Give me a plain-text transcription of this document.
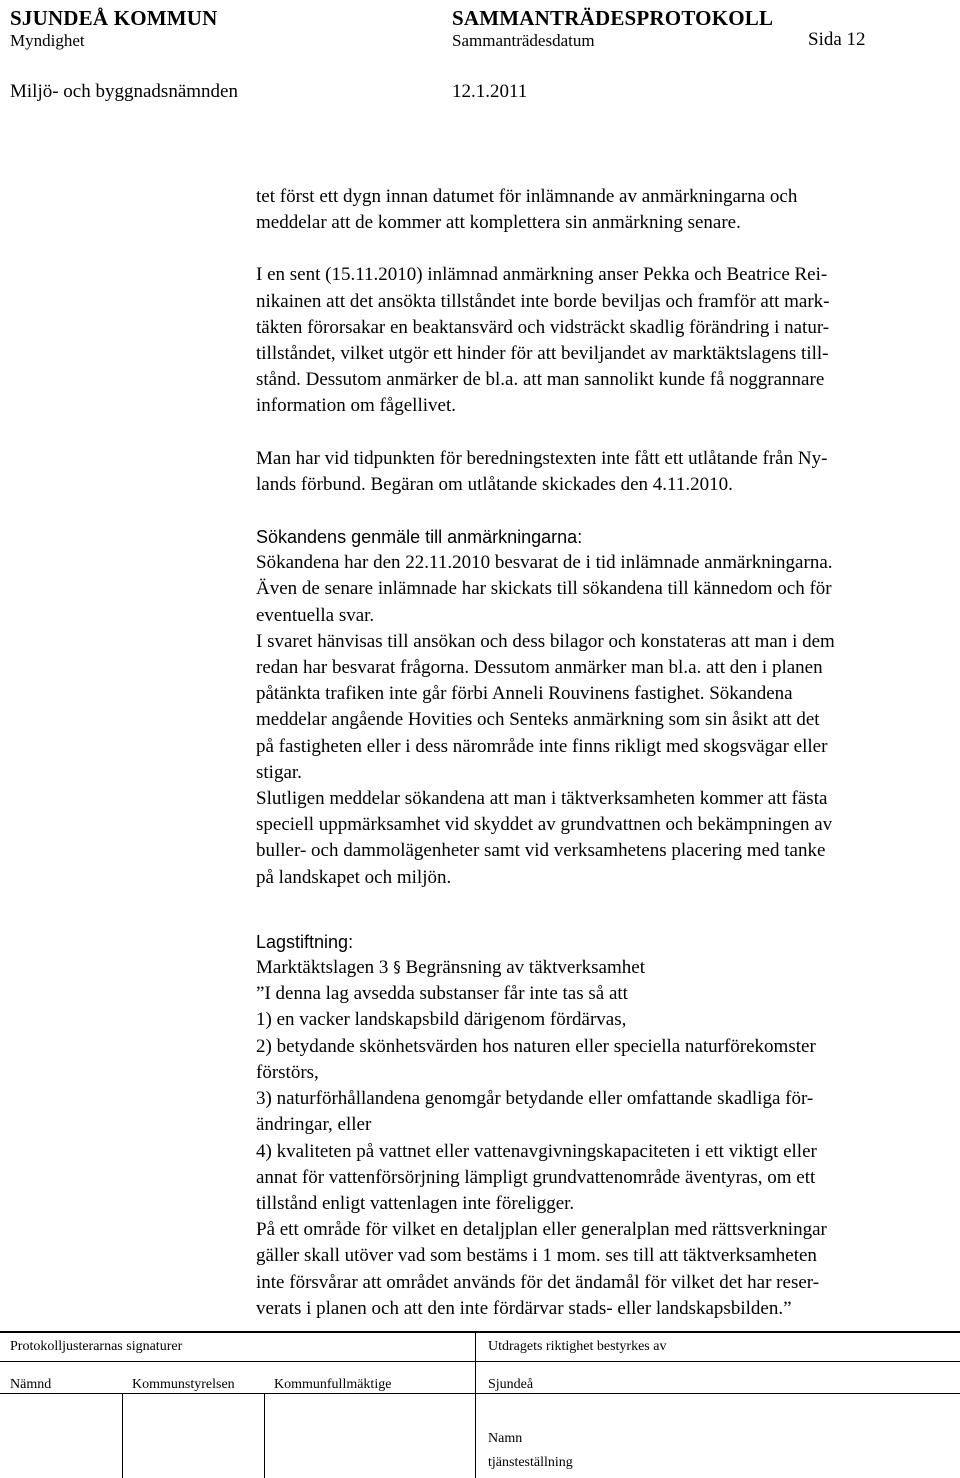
SJUNDEÅ KOMMUN	SAMMANTRÄDESPROTOKOLL
Myndighet	Sammanträdesdatum	Sida 12
Miljö- och byggnadsnämnden	12.1.2011

tet först ett dygn innan datumet för inlämnande av anmärkningarna och

meddelar att de kommer att komplettera sin anmärkning senare.

I en sent (15.11.2010) inlämnad anmärkning anser Pekka och Beatrice Rei-

nikainen att det ansökta tillståndet inte borde beviljas och framför att mark-

täkten förorsakar en beaktansvärd och vidsträckt skadlig förändring i natur-

tillståndet, vilket utgör ett hinder för att beviljandet av marktäktslagens till-

stånd. Dessutom anmärker de bl.a. att man sannolikt kunde få noggrannare

information om fågellivet.

Man har vid tidpunkten för beredningstexten inte fått ett utlåtande från Ny-

lands förbund. Begäran om utlåtande skickades den 4.11.2010.

Sökandens genmäle till anmärkningarna:

Sökandena har den 22.11.2010 besvarat de i tid inlämnade anmärkningarna.

Även de senare inlämnade har skickats till sökandena till kännedom och för

eventuella svar.

I svaret hänvisas till ansökan och dess bilagor och konstateras att man i dem

redan har besvarat frågorna. Dessutom anmärker man bl.a. att den i planen

påtänkta trafiken inte går förbi Anneli Rouvinens fastighet. Sökandena

meddelar angående Hovities och Senteks anmärkning som sin åsikt att det

på fastigheten eller i dess närområde inte finns rikligt med skogsvägar eller

stigar.

Slutligen meddelar sökandena att man i täktverksamheten kommer att fästa

speciell uppmärksamhet vid skyddet av grundvattnen och bekämpningen av

buller- och dammolägenheter samt vid verksamhetens placering med tanke

på landskapet och miljön.

Lagstiftning:

Marktäktslagen 3 § Begränsning av täktverksamhet

”I denna lag avsedda substanser får inte tas så att

1) en vacker landskapsbild därigenom fördärvas,

2) betydande skönhetsvärden hos naturen eller speciella naturförekomster

förstörs,

3) naturförhållandena genomgår betydande eller omfattande skadliga för-

ändringar, eller

4) kvaliteten på vattnet eller vattenavgivningskapaciteten i ett viktigt eller

annat för vattenförsörjning lämpligt grundvattenområde äventyras, om ett

tillstånd enligt vattenlagen inte föreligger.

På ett område för vilket en detaljplan eller generalplan med rättsverkningar

gäller skall utöver vad som bestäms i 1 mom. ses till att täktverksamheten

inte försvårar att området används för det ändamål för vilket det har reser-

verats i planen och att den inte fördärvar stads- eller landskapsbilden.”

Protokolljusterarnas signaturer	Utdragets riktighet bestyrkes av
Nämnd	Kommunstyrelsen	Kommunfullmäktige	Sjundeå
Namn
tjänsteställning
